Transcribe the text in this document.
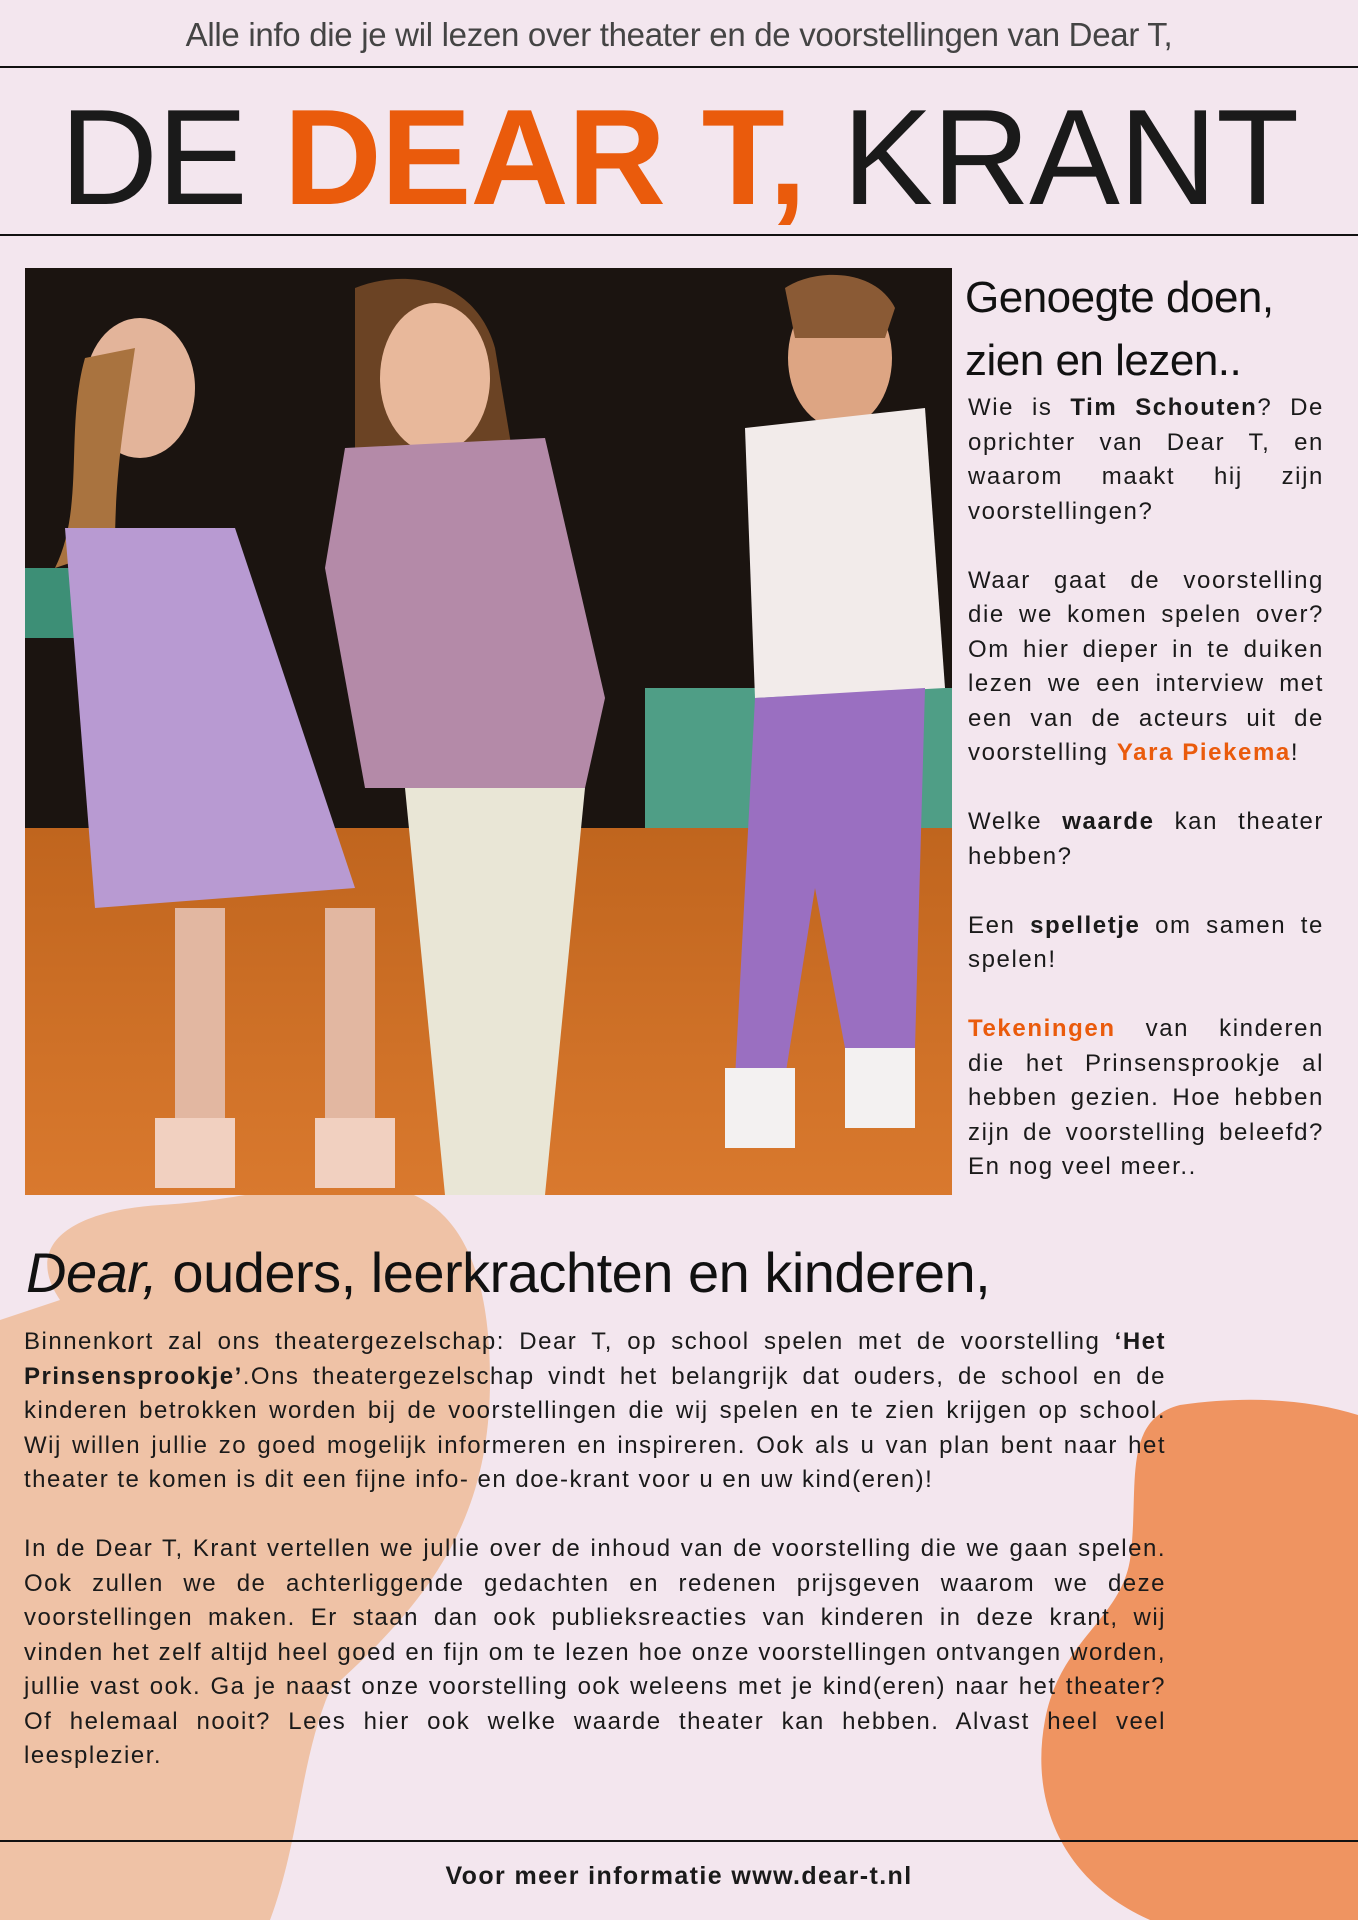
Alle info die je wil lezen over theater en de voorstellingen van Dear T,
DE DEAR T, KRANT
Genoegte doen,
zien en lezen..

Wie is Tim Schouten? De oprichter van Dear T, en waarom maakt hij zijn voorstellingen?

Waar gaat de voorstelling die we komen spelen over? Om hier dieper in te duiken lezen we een interview met een van de acteurs uit de voorstelling Yara Piekema!

Welke waarde kan theater hebben?

Een spelletje om samen te spelen!

Tekeningen van kinderen die het Prinsensprookje al hebben gezien. Hoe hebben zijn de voorstelling beleefd? En nog veel meer..

Dear, ouders, leerkrachten en kinderen,

Binnenkort zal ons theatergezelschap: Dear T, op school spelen met de voorstelling ‘Het Prinsensprookje’.Ons theatergezelschap vindt het belangrijk dat ouders, de school en de kinderen betrokken worden bij de voorstellingen die wij spelen en te zien krijgen op school. Wij willen jullie zo goed mogelijk informeren en inspireren. Ook als u van plan bent naar het theater te komen is dit een fijne info- en doe-krant voor u en uw kind(eren)!

In de Dear T, Krant vertellen we jullie over de inhoud van de voorstelling die we gaan spelen. Ook zullen we de achterliggende gedachten en redenen prijsgeven waarom we deze voorstellingen maken. Er staan dan ook publieksreacties van kinderen in deze krant, wij vinden het zelf altijd heel goed en fijn om te lezen hoe onze voorstellingen ontvangen worden, jullie vast ook. Ga je naast onze voorstelling ook weleens met je kind(eren) naar het theater? Of helemaal nooit? Lees hier ook welke waarde theater kan hebben. Alvast heel veel leesplezier.

Voor meer informatie www.dear-t.nl
